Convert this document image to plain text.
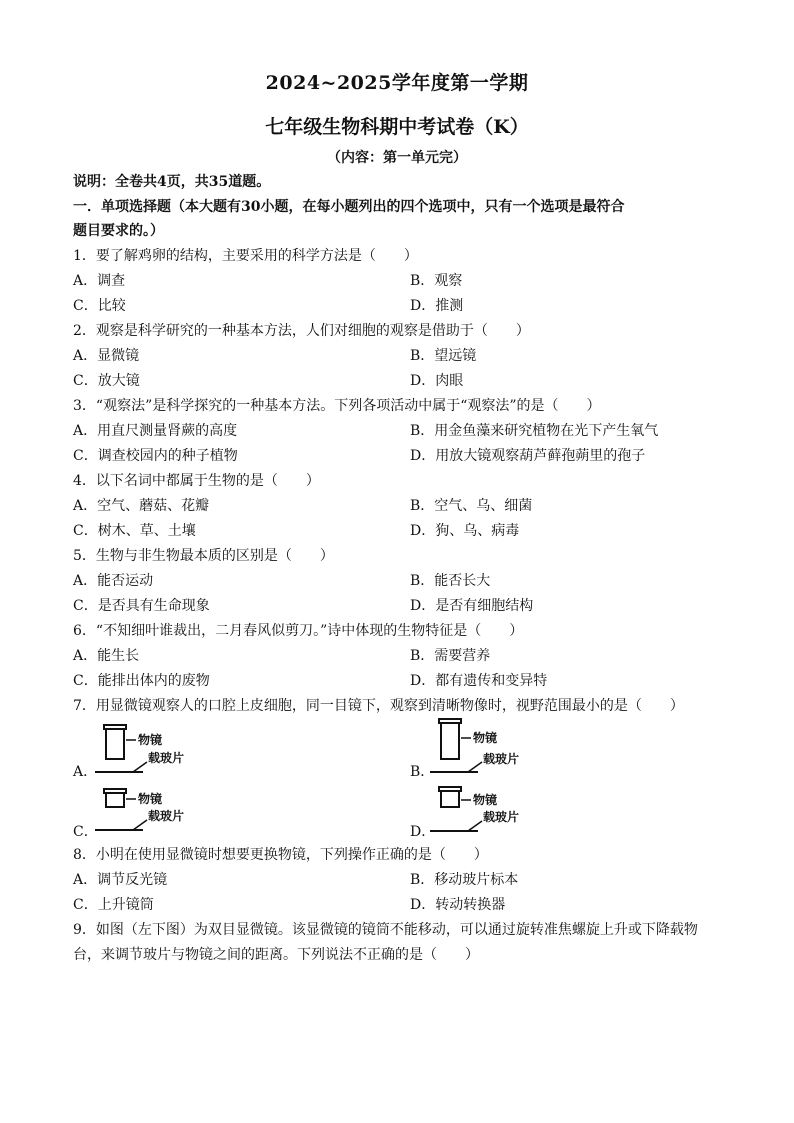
2024~2025学年度第一学期
七年级生物科期中考试卷（K）
（内容：第一单元完）
说明：全卷共4页，共35道题。
一．单项选择题（本大题有30小题，在每小题列出的四个选项中，只有一个选项是最符合
题目要求的。）
1．要了解鸡卵的结构，主要采用的科学方法是（　　）
A．调查	B．观察
C．比较	D．推测
2．观察是科学研究的一种基本方法，人们对细胞的观察是借助于（　　）
A．显微镜	B．望远镜
C．放大镜	D．肉眼
3．“观察法”是科学探究的一种基本方法。下列各项活动中属于“观察法”的是（　　）
A．用直尺测量肾蕨的高度	B．用金鱼藻来研究植物在光下产生氧气
C．调查校园内的种子植物	D．用放大镜观察葫芦藓孢蒴里的孢子
4．以下名词中都属于生物的是（　　）
A．空气、蘑菇、花瓣	B．空气、乌、细菌
C．树木、草、土壤	D．狗、乌、病毒
5．生物与非生物最本质的区别是（　　）
A．能否运动	B．能否长大
C．是否具有生命现象	D．是否有细胞结构
6．“不知细叶谁裁出，二月春风似剪刀。”诗中体现的生物特征是（　　）
A．能生长	B．需要营养
C．能排出体内的废物	D．都有遗传和变异特
7．用显微镜观察人的口腔上皮细胞，同一目镜下，观察到清晰物像时，视野范围最小的是（　　）
A．	B．
C．	D．
物镜
载玻片
物镜
载玻片
物镜
载玻片
物镜
载玻片
8．小明在使用显微镜时想要更换物镜，下列操作正确的是（　　）
A．调节反光镜	B．移动玻片标本
C．上升镜筒	D．转动转换器
9．如图（左下图）为双目显微镜。该显微镜的镜筒不能移动，可以通过旋转准焦螺旋上升或下降载物
台，来调节玻片与物镜之间的距离。下列说法不正确的是（　　）
